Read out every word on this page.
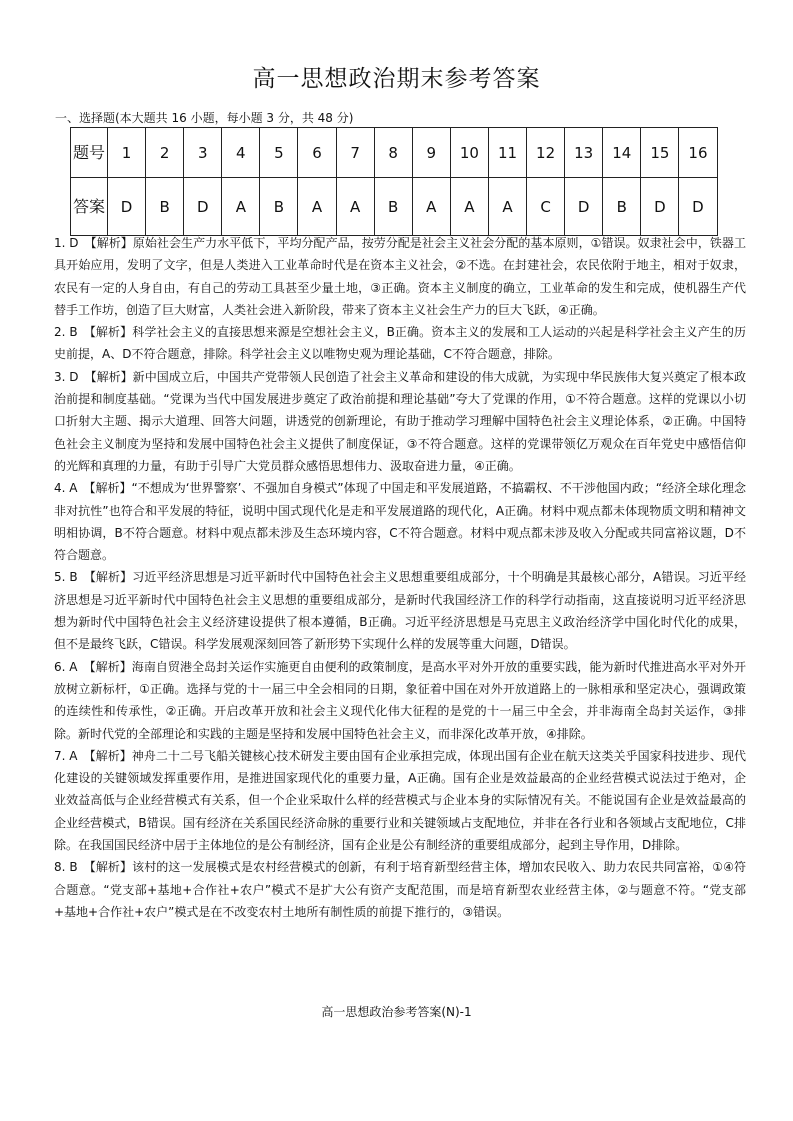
高一思想政治期末参考答案
一、选择题(本大题共 16 小题，每小题 3 分，共 48 分)
题号	1	2	3	4	5	6	7	8	9	10	11	12	13	14	15	16
答案	D	B	D	A	B	A	A	B	A	A	A	C	D	B	D	D
1. D　【解析】原始社会生产力水平低下，平均分配产品，按劳分配是社会主义社会分配的基本原则，①错误。奴隶社会中，铁器工具开始应用，发明了文字，但是人类进入工业革命时代是在资本主义社会，②不选。在封建社会，农民依附于地主，相对于奴隶，农民有一定的人身自由，有自己的劳动工具甚至少量土地，③正确。资本主义制度的确立，工业革命的发生和完成，使机器生产代替手工作坊，创造了巨大财富，人类社会进入新阶段，带来了资本主义社会生产力的巨大飞跃，④正确。
2. B　【解析】科学社会主义的直接思想来源是空想社会主义，B正确。资本主义的发展和工人运动的兴起是科学社会主义产生的历史前提，A、D不符合题意，排除。科学社会主义以唯物史观为理论基础，C不符合题意，排除。
3. D　【解析】新中国成立后，中国共产党带领人民创造了社会主义革命和建设的伟大成就，为实现中华民族伟大复兴奠定了根本政治前提和制度基础。“党课为当代中国发展进步奠定了政治前提和理论基础”夸大了党课的作用，①不符合题意。这样的党课以小切口折射大主题、揭示大道理、回答大问题，讲透党的创新理论，有助于推动学习理解中国特色社会主义理论体系，②正确。中国特色社会主义制度为坚持和发展中国特色社会主义提供了制度保证，③不符合题意。这样的党课带领亿万观众在百年党史中感悟信仰的光辉和真理的力量，有助于引导广大党员群众感悟思想伟力、汲取奋进力量，④正确。
4. A　【解析】“不想成为‘世界警察’、不强加自身模式”体现了中国走和平发展道路，不搞霸权、不干涉他国内政；“经济全球化理念非对抗性”也符合和平发展的特征，说明中国式现代化是走和平发展道路的现代化，A正确。材料中观点都未体现物质文明和精神文明相协调，B不符合题意。材料中观点都未涉及生态环境内容，C不符合题意。材料中观点都未涉及收入分配或共同富裕议题，D不符合题意。
5. B　【解析】习近平经济思想是习近平新时代中国特色社会主义思想重要组成部分，十个明确是其最核心部分，A错误。习近平经济思想是习近平新时代中国特色社会主义思想的重要组成部分，是新时代我国经济工作的科学行动指南，这直接说明习近平经济思想为新时代中国特色社会主义经济建设提供了根本遵循，B正确。习近平经济思想是马克思主义政治经济学中国化时代化的成果，但不是最终飞跃，C错误。科学发展观深刻回答了新形势下实现什么样的发展等重大问题，D错误。
6. A　【解析】海南自贸港全岛封关运作实施更自由便利的政策制度，是高水平对外开放的重要实践，能为新时代推进高水平对外开放树立新标杆，①正确。选择与党的十一届三中全会相同的日期，象征着中国在对外开放道路上的一脉相承和坚定决心，强调政策的连续性和传承性，②正确。开启改革开放和社会主义现代化伟大征程的是党的十一届三中全会，并非海南全岛封关运作，③排除。新时代党的全部理论和实践的主题是坚持和发展中国特色社会主义，而非深化改革开放，④排除。
7. A　【解析】神舟二十二号飞船关键核心技术研发主要由国有企业承担完成，体现出国有企业在航天这类关乎国家科技进步、现代化建设的关键领域发挥重要作用，是推进国家现代化的重要力量，A正确。国有企业是效益最高的企业经营模式说法过于绝对，企业效益高低与企业经营模式有关系，但一个企业采取什么样的经营模式与企业本身的实际情况有关。不能说国有企业是效益最高的企业经营模式，B错误。国有经济在关系国民经济命脉的重要行业和关键领域占支配地位，并非在各行业和各领域占支配地位，C排除。在我国国民经济中居于主体地位的是公有制经济，国有企业是公有制经济的重要组成部分，起到主导作用，D排除。
8. B　【解析】该村的这一发展模式是农村经营模式的创新，有利于培育新型经营主体，增加农民收入、助力农民共同富裕，①④符合题意。“党支部+基地+合作社+农户”模式不是扩大公有资产支配范围，而是培育新型农业经营主体，②与题意不符。“党支部+基地+合作社+农户”模式是在不改变农村土地所有制性质的前提下推行的，③错误。
高一思想政治参考答案(N)-1
